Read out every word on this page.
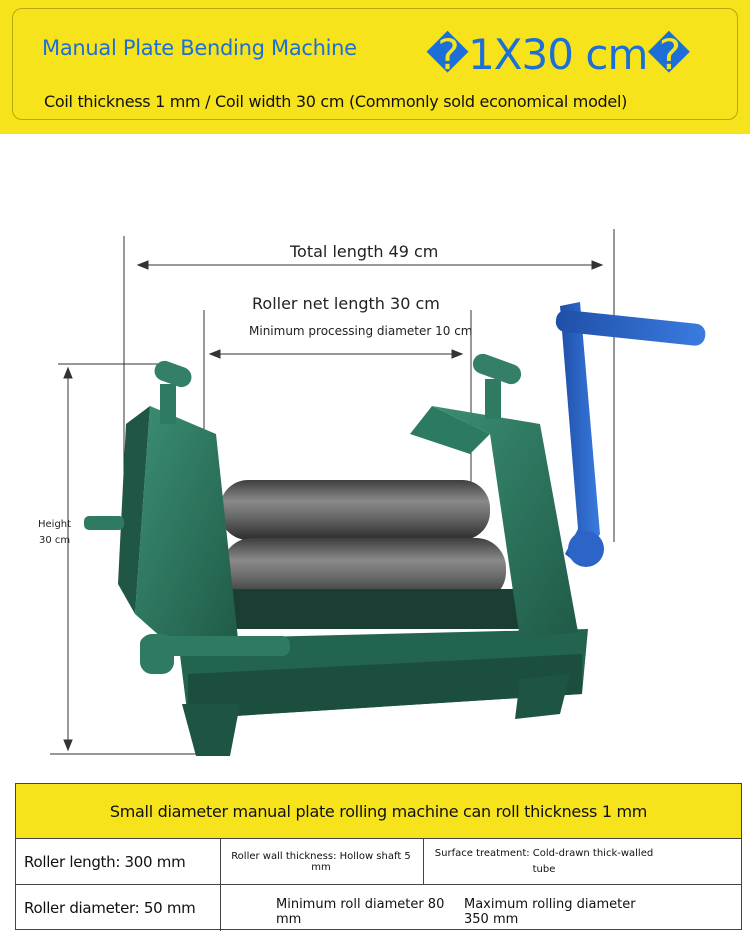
Manual Plate Bending Machine �1X30 cm�
Coil thickness 1 mm / Coil width 30 cm (Commonly sold economical model)
Total length 49 cm
Roller net length 30 cm
Minimum processing diameter 10 cm
Height
30 cm
Small diameter manual plate rolling machine can roll thickness 1 mm
Roller length: 300 mm	Roller wall thickness: Hollow shaft 5 mm
Surface treatment: Cold-drawn thick-walled
tube
Roller diameter: 50 mm	Minimum roll diameter 80 mm
Maximum rolling diameter 350 mm
